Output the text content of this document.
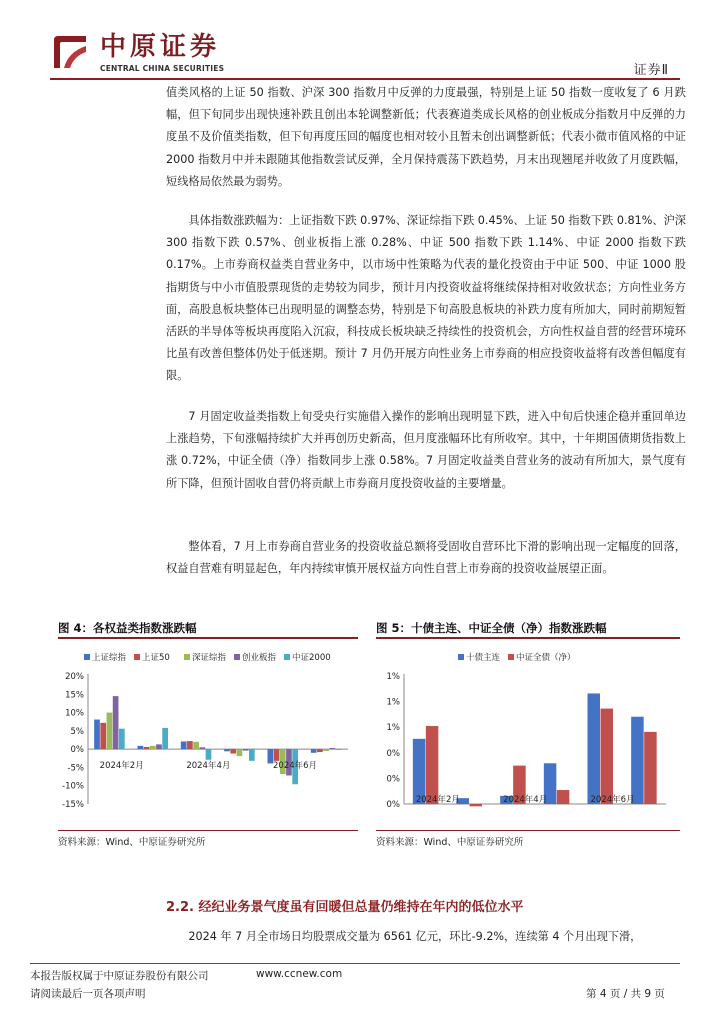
中原证券
CENTRAL CHINA SECURITIES	证券Ⅱ
值类风格的上证 50 指数、沪深 300 指数月中反弹的力度最强，特别是上证 50 指数一度收复了 6 月跌幅，但下旬同步出现快速补跌且创出本轮调整新低；代表赛道类成长风格的创业板成分指数月中反弹的力度虽不及价值类指数，但下旬再度压回的幅度也相对较小且暂未创出调整新低；代表小微市值风格的中证 2000 指数月中并未跟随其他指数尝试反弹，全月保持震荡下跌趋势，月末出现翘尾并收敛了月度跌幅，短线格局依然最为弱势。
具体指数涨跌幅为：上证指数下跌 0.97%、深证综指下跌 0.45%、上证 50 指数下跌 0.81%、沪深 300 指数下跌 0.57%、创业板指上涨 0.28%、中证 500 指数下跌 1.14%、中证 2000 指数下跌 0.17%。上市券商权益类自营业务中，以市场中性策略为代表的量化投资由于中证 500、中证 1000 股指期货与中小市值股票现货的走势较为同步，预计月内投资收益将继续保持相对收敛状态；方向性业务方面，高股息板块整体已出现明显的调整态势，特别是下旬高股息板块的补跌力度有所加大，同时前期短暂活跃的半导体等板块再度陷入沉寂，科技成长板块缺乏持续性的投资机会，方向性权益自营的经营环境环比虽有改善但整体仍处于低迷期。预计 7 月仍开展方向性业务上市券商的相应投资收益将有改善但幅度有限。
7 月固定收益类指数上旬受央行实施借入操作的影响出现明显下跌，进入中旬后快速企稳并重回单边上涨趋势，下旬涨幅持续扩大并再创历史新高，但月度涨幅环比有所收窄。其中，十年期国债期货指数上涨 0.72%，中证全债（净）指数同步上涨 0.58%。7 月固定收益类自营业务的波动有所加大，景气度有所下降，但预计固收自营仍将贡献上市券商月度投资收益的主要增量。
整体看，7 月上市券商自营业务的投资收益总额将受固收自营环比下滑的影响出现一定幅度的回落，权益自营难有明显起色，年内持续审慎开展权益方向性自营上市券商的投资收益展望正面。
图 4：各权益类指数涨跌幅
上证综指 上证50	深证综指 创业板指 中证2000
20%
15%
10%
5%
0%
-5%
-10%
-15%
2024年2月	2024年4月	2024年6月
资料来源：Wind、中原证券研究所
图 5：十债主连、中证全债（净）指数涨跌幅
十债主连 中证全债（净）
1%
1%
1%
0%
0%
0% 2024年2月	2024年4月	2024年6月
资料来源：Wind、中原证券研究所
2.2. 经纪业务景气度虽有回暖但总量仍维持在年内的低位水平
2024 年 7 月全市场日均股票成交量为 6561 亿元，环比-9.2%，连续第 4 个月出现下滑，
本报告版权属于中原证券股份有限公司	www.ccnew.com
请阅读最后一页各项声明	第 4 页 / 共 9 页
